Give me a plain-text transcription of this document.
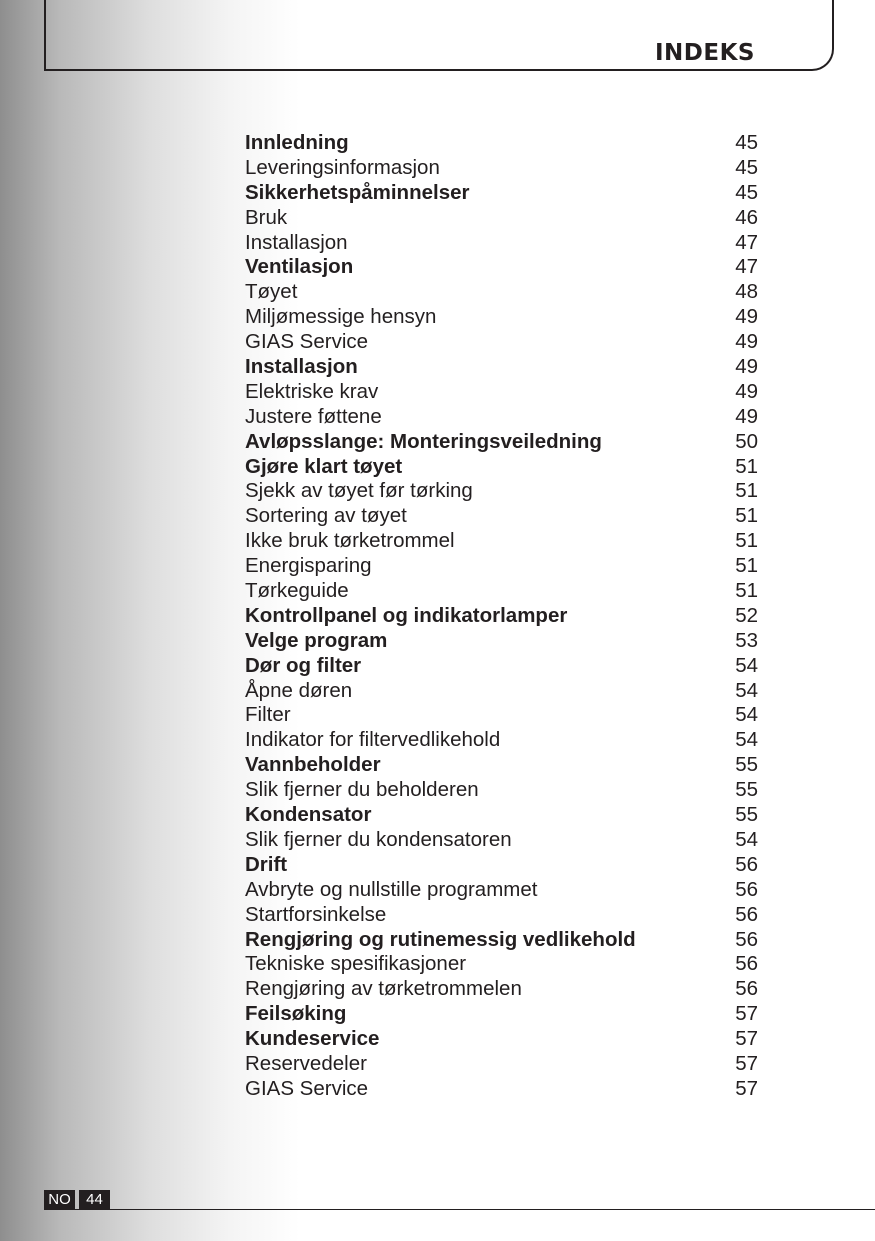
INDEKS
Innledning	45
Leveringsinformasjon	45
Sikkerhetspåminnelser	45
Bruk	46
Installasjon	47
Ventilasjon	47
Tøyet	48
Miljømessige hensyn	49
GIAS Service	49
Installasjon	49
Elektriske krav	49
Justere føttene	49
Avløpsslange: Monteringsveiledning	50
Gjøre klart tøyet	51
Sjekk av tøyet før tørking	51
Sortering av tøyet	51
Ikke bruk tørketrommel	51
Energisparing	51
Tørkeguide	51
Kontrollpanel og indikatorlamper	52
Velge program	53
Dør og filter	54
Åpne døren	54
Filter	54
Indikator for filtervedlikehold	54
Vannbeholder	55
Slik fjerner du beholderen	55
Kondensator	55
Slik fjerner du kondensatoren	54
Drift	56
Avbryte og nullstille programmet	56
Startforsinkelse	56
Rengjøring og rutinemessig vedlikehold	56
Tekniske spesifikasjoner	56
Rengjøring av tørketrommelen	56
Feilsøking	57
Kundeservice	57
Reservedeler	57
GIAS Service	57
NO	44
